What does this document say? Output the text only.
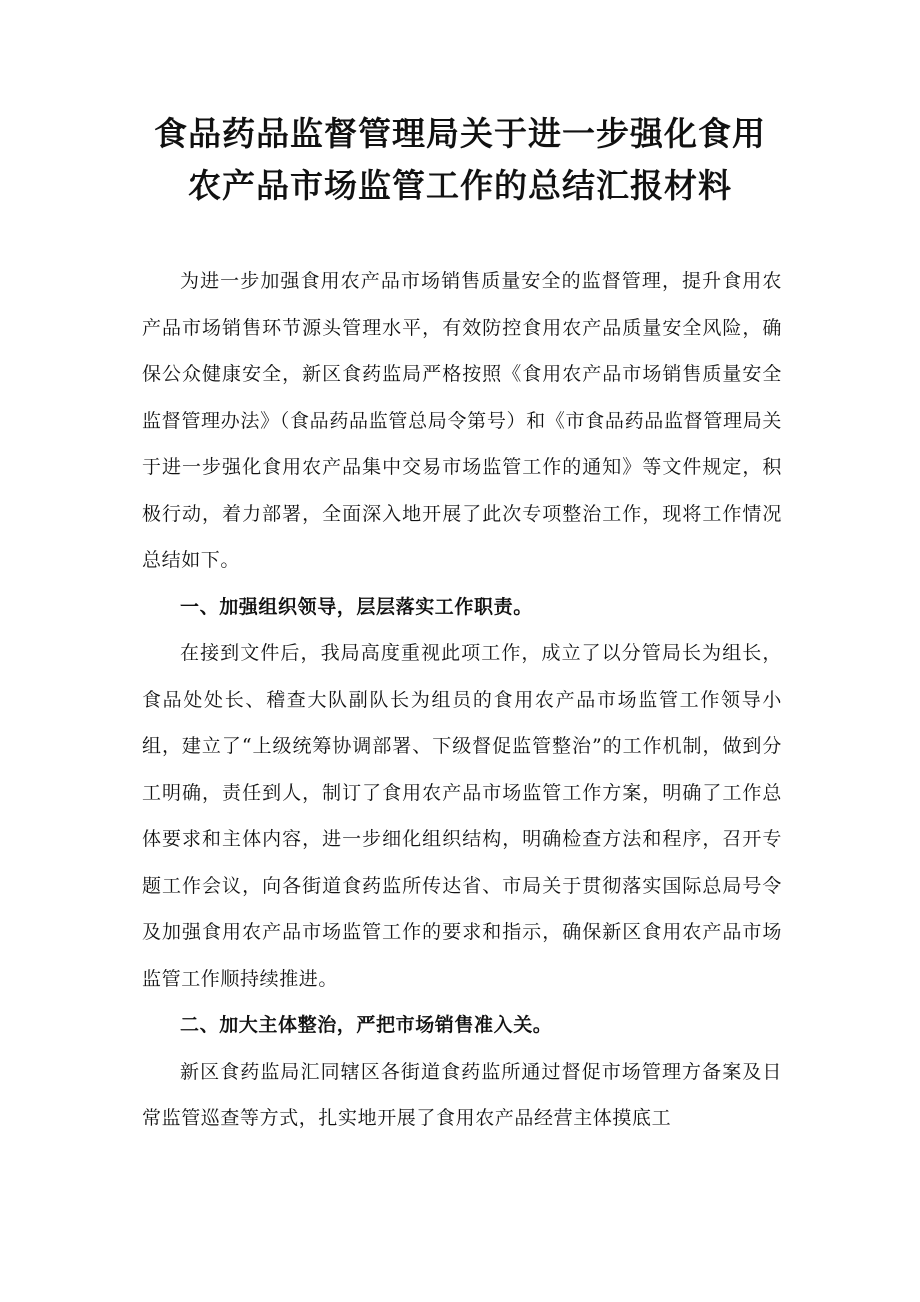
食品药品监督管理局关于进一步强化食用
农产品市场监管工作的总结汇报材料

为进一步加强食用农产品市场销售质量安全的监督管理，提升食用农产品市场销售环节源头管理水平，有效防控食用农产品质量安全风险，确保公众健康安全，新区食药监局严格按照《食用农产品市场销售质量安全监督管理办法》（食品药品监管总局令第号）和《市食品药品监督管理局关于进一步强化食用农产品集中交易市场监管工作的通知》等文件规定，积极行动，着力部署，全面深入地开展了此次专项整治工作，现将工作情况总结如下。

一、加强组织领导，层层落实工作职责。

在接到文件后，我局高度重视此项工作，成立了以分管局长为组长，食品处处长、稽查大队副队长为组员的食用农产品市场监管工作领导小组，建立了“上级统筹协调部署、下级督促监管整治”的工作机制，做到分工明确，责任到人，制订了食用农产品市场监管工作方案，明确了工作总体要求和主体内容，进一步细化组织结构，明确检查方法和程序，召开专题工作会议，向各街道食药监所传达省、市局关于贯彻落实国际总局号令及加强食用农产品市场监管工作的要求和指示，确保新区食用农产品市场监管工作顺持续推进。

二、加大主体整治，严把市场销售准入关。

新区食药监局汇同辖区各街道食药监所通过督促市场管理方备案及日常监管巡查等方式，扎实地开展了食用农产品经营主体摸底工
